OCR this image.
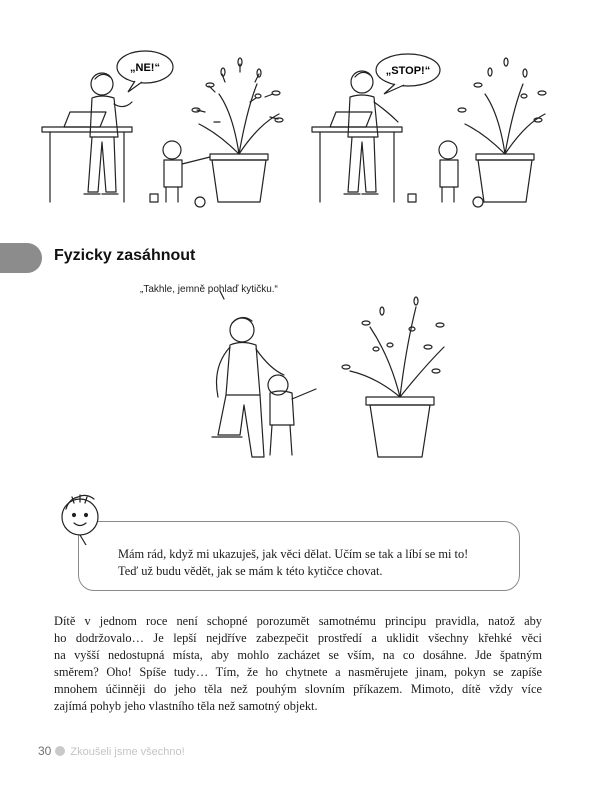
„NE!“	„STOP!“
Fyzicky zasáhnout
„Takhle, jemně pohlaď kytičku.“
Mám rád, když mi ukazuješ, jak věci dělat. Učím se tak a líbí se mi to!
Teď už budu vědět, jak se mám k této kytičce chovat.
Dítě v jednom roce není schopné porozumět samotnému principu pravidla, natož aby
ho dodržovalo… Je lepší nejdříve zabezpečit prostředí a uklidit všechny křehké věci
na vyšší nedostupná místa, aby mohlo zacházet se vším, na co dosáhne. Jde špatným
směrem? Oho! Spíše tudy… Tím, že ho chytnete a nasměrujete jinam, pokyn se zapíše
mnohem účinněji do jeho těla než pouhým slovním příkazem. Mimoto, dítě vždy více
zajímá pohyb jeho vlastního těla než samotný objekt.
30 Zkoušeli jsme všechno!
